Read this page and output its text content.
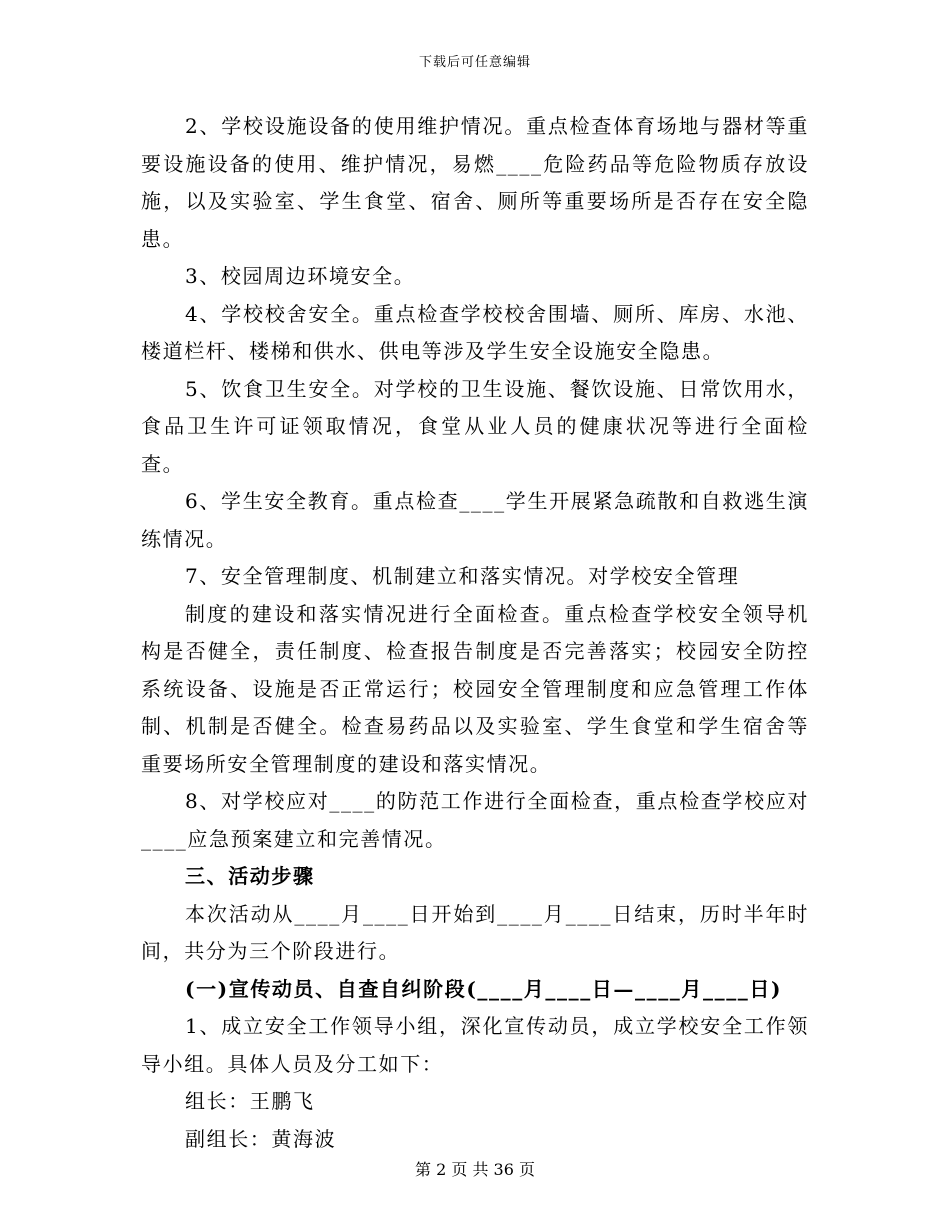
下载后可任意编辑

2、学校设施设备的使用维护情况。重点检查体育场地与器材等重要设施设备的使用、维护情况，易燃____危险药品等危险物质存放设施，以及实验室、学生食堂、宿舍、厕所等重要场所是否存在安全隐患。

3、校园周边环境安全。

4、学校校舍安全。重点检查学校校舍围墙、厕所、库房、水池、楼道栏杆、楼梯和供水、供电等涉及学生安全设施安全隐患。

5、饮食卫生安全。对学校的卫生设施、餐饮设施、日常饮用水，食品卫生许可证领取情况，食堂从业人员的健康状况等进行全面检查。

6、学生安全教育。重点检查____学生开展紧急疏散和自救逃生演练情况。

7、安全管理制度、机制建立和落实情况。对学校安全管理

制度的建设和落实情况进行全面检查。重点检查学校安全领导机构是否健全，责任制度、检查报告制度是否完善落实；校园安全防控系统设备、设施是否正常运行；校园安全管理制度和应急管理工作体制、机制是否健全。检查易药品以及实验室、学生食堂和学生宿舍等重要场所安全管理制度的建设和落实情况。

8、对学校应对____的防范工作进行全面检查，重点检查学校应对____应急预案建立和完善情况。

三、活动步骤

本次活动从____月____日开始到____月____日结束，历时半年时间，共分为三个阶段进行。

(一)宣传动员、自查自纠阶段(____月____日—____月____日)

1、成立安全工作领导小组，深化宣传动员，成立学校安全工作领导小组。具体人员及分工如下：

组长：王鹏飞

副组长：黄海波

第 2 页 共 36 页
